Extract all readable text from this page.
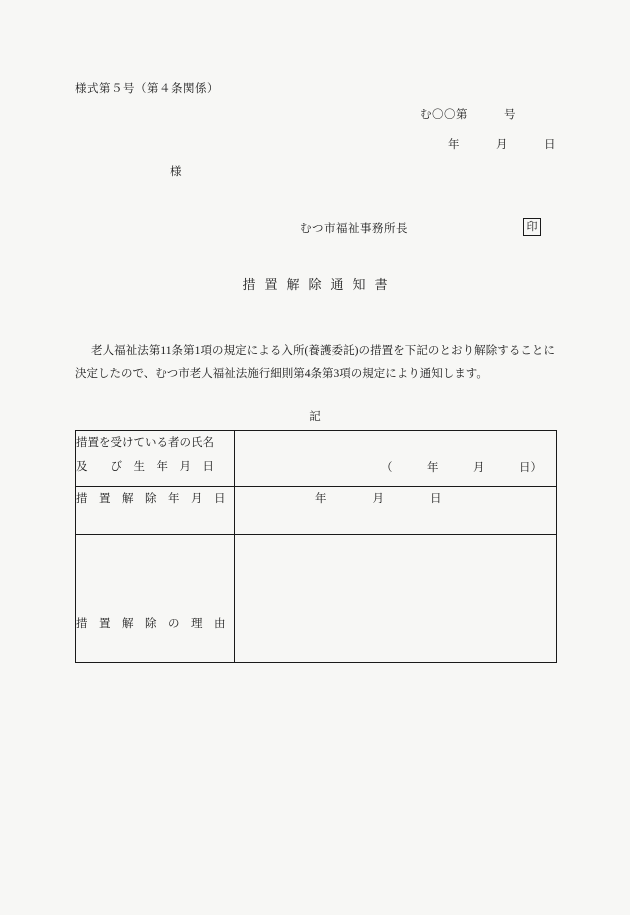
様式第５号（第４条関係）
む〇〇第　　　号
年　　　月　　　日
様
むつ市福祉事務所長	印
措置解除通知書
老人福祉法第11条第1項の規定による入所(養護委託)の措置を下記のとおり解除することに決定したので、むつ市老人福祉法施行細則第4条第3項の規定により通知します。
記
措置を受けている者の氏名
及　　び　生　年　月　日	（　　　年　　　月　　　日）

措　置　解　除　年　月　日	年　　　　月　　　　日

措　置　解　除　の　理　由	
